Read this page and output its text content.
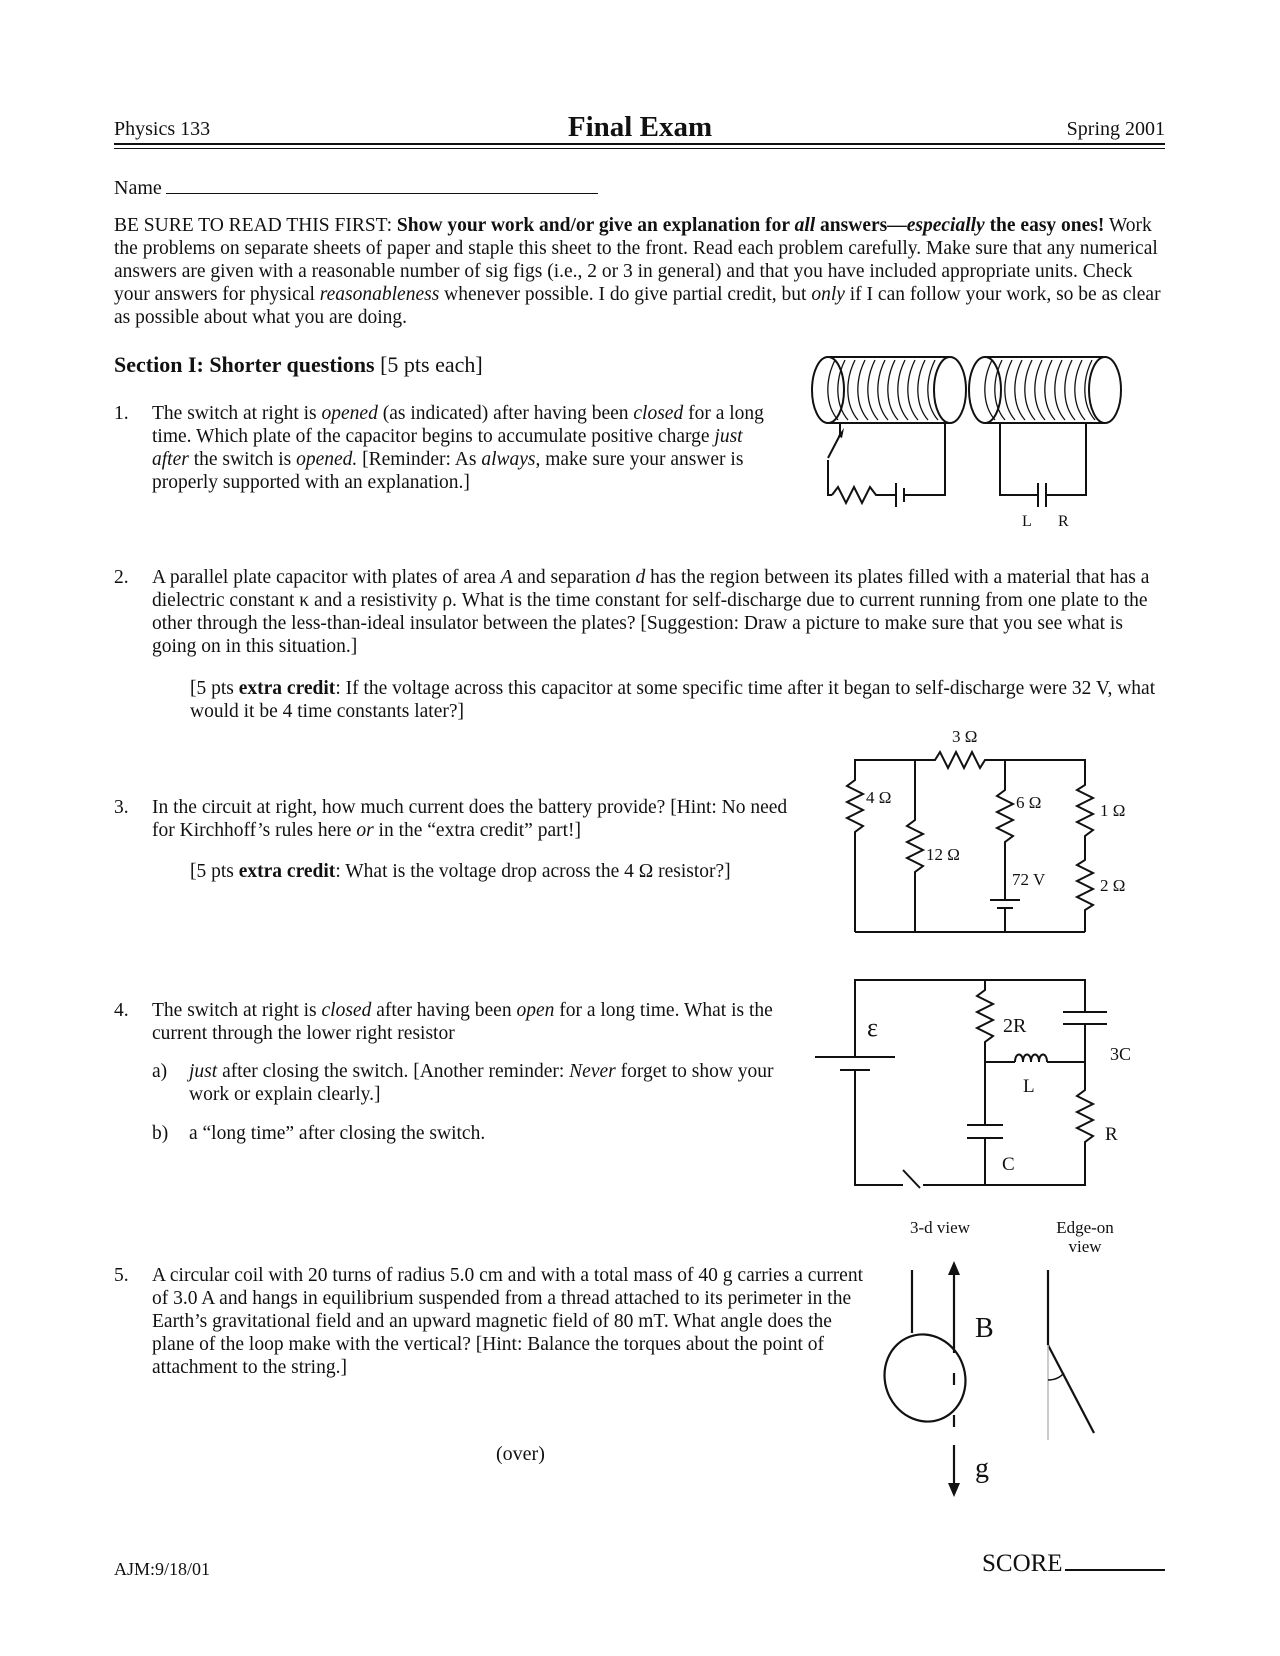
Physics 133	Final Exam	Spring 2001
Name
BE SURE TO READ THIS FIRST: Show your work and/or give an explanation for all answers—especially the easy ones! Work the problems on separate sheets of paper and staple this sheet to the front. Read each problem carefully. Make sure that any numerical answers are given with a reasonable number of sig figs (i.e., 2 or 3 in general) and that you have included appropriate units. Check your answers for physical reasonableness whenever possible. I do give partial credit, but only if I can follow your work, so be as clear as possible about what you are doing.
Section I: Shorter questions [5 pts each]
1. The switch at right is opened (as indicated) after having been closed for a long time. Which plate of the capacitor begins to accumulate positive charge just after the switch is opened. [Reminder: As always, make sure your answer is properly supported with an explanation.]
L R
2. A parallel plate capacitor with plates of area A and separation d has the region between its plates filled with a material that has a dielectric constant κ and a resistivity ρ. What is the time constant for self-discharge due to current running from one plate to the other through the less-than-ideal insulator between the plates? [Suggestion: Draw a picture to make sure that you see what is going on in this situation.]
[5 pts extra credit: If the voltage across this capacitor at some specific time after it began to self-discharge were 32 V, what would it be 4 time constants later?]
3. In the circuit at right, how much current does the battery provide? [Hint: No need for Kirchhoff’s rules here or in the “extra credit” part!]
[5 pts extra credit: What is the voltage drop across the 4 Ω resistor?]
3 Ω
4 Ω
12 Ω
6 Ω	1 Ω
2 Ω
72 V
4. The switch at right is closed after having been open for a long time. What is the current through the lower right resistor
a) just after closing the switch. [Another reminder: Never forget to show your work or explain clearly.]
b) a “long time” after closing the switch.
ε	2R
3C
L
R
C
5. A circular coil with 20 turns of radius 5.0 cm and with a total mass of 40 g carries a current of 3.0 A and hangs in equilibrium suspended from a thread attached to its perimeter in the Earth’s gravitational field and an upward magnetic field of 80 mT. What angle does the plane of the loop make with the vertical? [Hint: Balance the torques about the point of attachment to the string.]
3-d view	Edge-on
view
B
g
(over)
AJM:9/18/01	SCORE
